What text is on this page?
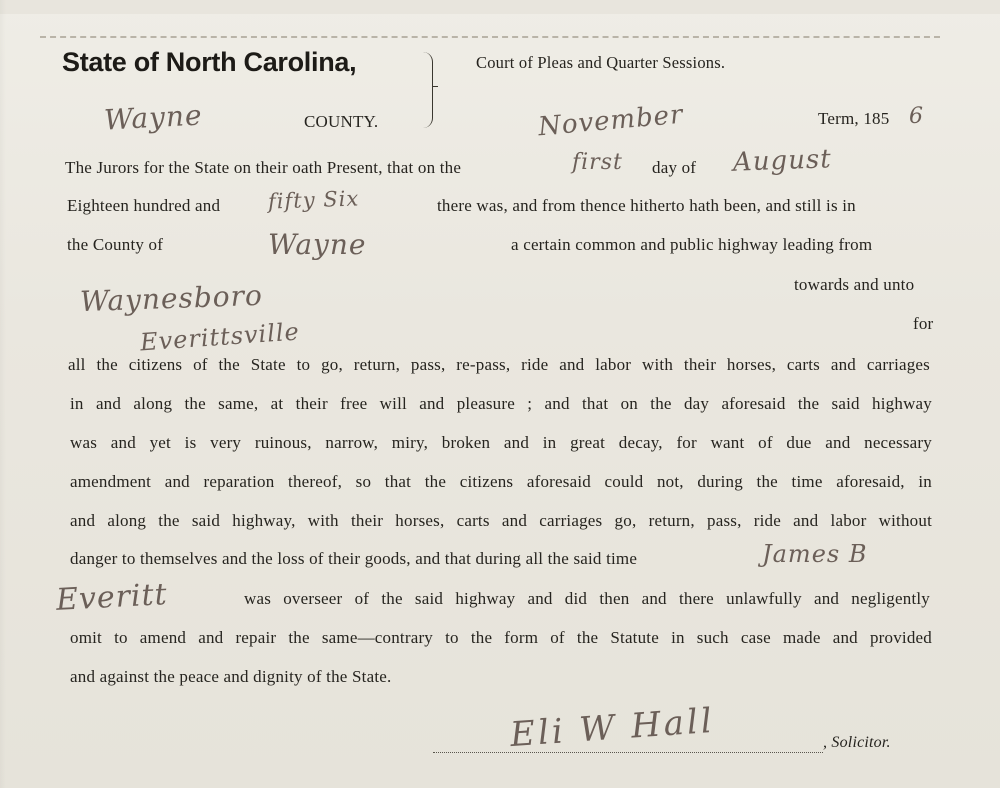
State of North Carolina,	Court of Pleas and Quarter Sessions.
Wayne	COUNTY.	November	Term, 185 6
The Jurors for the State on their oath Present, that on the	first day of August
Eighteen hundred and fifty Six	there was, and from thence hitherto hath been, and still is in
the County of	Wayne	a certain common and public highway leading from
Waynesboro	towards and unto
Everittsville	for
all the citizens of the State to go, return, pass, re-pass, ride and labor with their horses, carts and carriages
in and along the same, at their free will and pleasure ; and that on the day aforesaid the said highway
was and yet is very ruinous, narrow, miry, broken and in great decay, for want of due and necessary
amendment and reparation thereof, so that the citizens aforesaid could not, during the time aforesaid, in
and along the said highway, with their horses, carts and carriages go, return, pass, ride and labor without
danger to themselves and the loss of their goods, and that during all the said time	James B
Everitt	was overseer of the said highway and did then and there unlawfully and negligently
omit to amend and repair the same—contrary to the form of the Statute in such case made and provided
and against the peace and dignity of the State.
Eli W Hall	, Solicitor.
